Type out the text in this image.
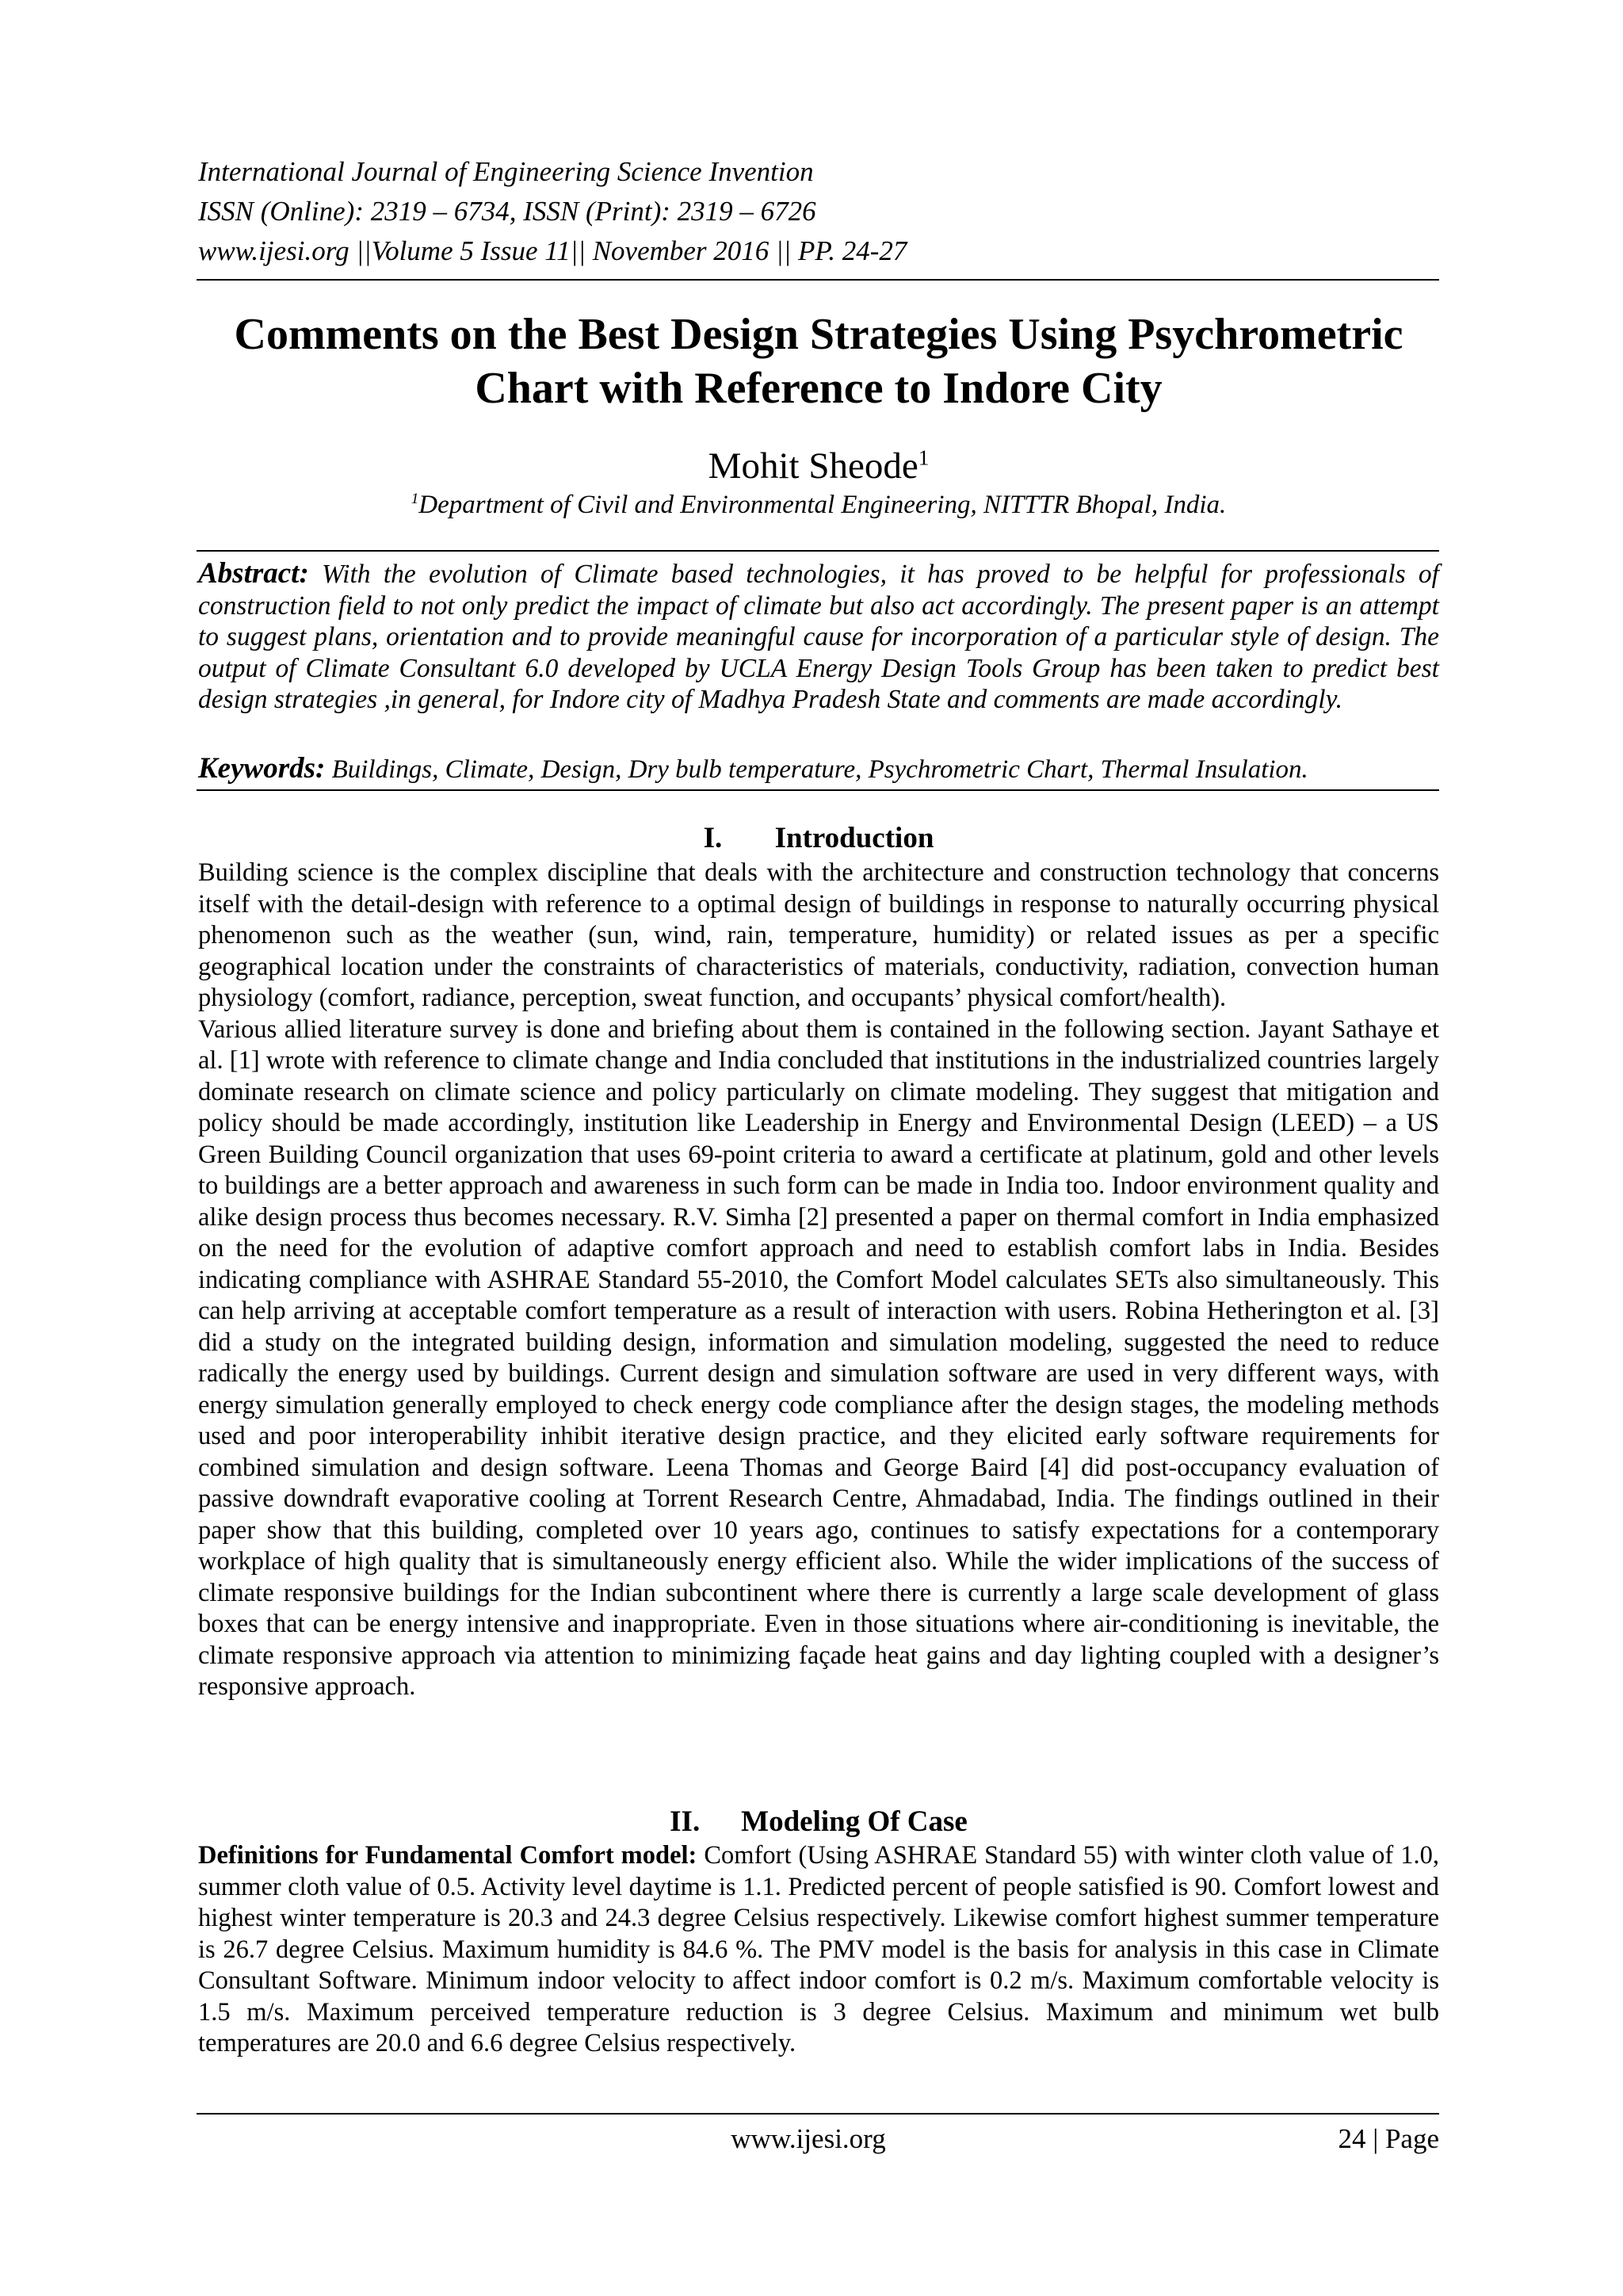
International Journal of Engineering Science Invention
ISSN (Online): 2319 – 6734, ISSN (Print): 2319 – 6726
www.ijesi.org ||Volume 5 Issue 11|| November 2016 || PP. 24-27
Comments on the Best Design Strategies Using Psychrometric Chart with Reference to Indore City
Mohit Sheode$^1$
$^1$Department of Civil and Environmental Engineering, NITTTR Bhopal, India.
Abstract: With the evolution of Climate based technologies, it has proved to be helpful for professionals of construction field to not only predict the impact of climate but also act accordingly. The present paper is an attempt to suggest plans, orientation and to provide meaningful cause for incorporation of a particular style of design. The output of Climate Consultant 6.0 developed by UCLA Energy Design Tools Group has been taken to predict best design strategies ,in general, for Indore city of Madhya Pradesh State and comments are made accordingly.
Keywords: Buildings, Climate, Design, Dry bulb temperature, Psychrometric Chart, Thermal Insulation.
I. Introduction

Building science is the complex discipline that deals with the architecture and construction technology that concerns itself with the detail-design with reference to a optimal design of buildings in response to naturally occurring physical phenomenon such as the weather (sun, wind, rain, temperature, humidity) or related issues as per a specific geographical location under the constraints of characteristics of materials, conductivity, radiation, convection human physiology (comfort, radiance, perception, sweat function, and occupants’ physical comfort/health).

Various allied literature survey is done and briefing about them is contained in the following section. Jayant Sathaye et al. [1] wrote with reference to climate change and India concluded that institutions in the industrialized countries largely dominate research on climate science and policy particularly on climate modeling. They suggest that mitigation and policy should be made accordingly, institution like Leadership in Energy and Environmental Design (LEED) – a US Green Building Council organization that uses 69-point criteria to award a certificate at platinum, gold and other levels to buildings are a better approach and awareness in such form can be made in India too. Indoor environment quality and alike design process thus becomes necessary. R.V. Simha [2] presented a paper on thermal comfort in India emphasized on the need for the evolution of adaptive comfort approach and need to establish comfort labs in India. Besides indicating compliance with ASHRAE Standard 55-2010, the Comfort Model calculates SETs also simultaneously. This can help arriving at acceptable comfort temperature as a result of interaction with users. Robina Hetherington et al. [3] did a study on the integrated building design, information and simulation modeling, suggested the need to reduce radically the energy used by buildings. Current design and simulation software are used in very different ways, with energy simulation generally employed to check energy code compliance after the design stages, the modeling methods used and poor interoperability inhibit iterative design practice, and they elicited early software requirements for combined simulation and design software. Leena Thomas and George Baird [4] did post-occupancy evaluation of passive downdraft evaporative cooling at Torrent Research Centre, Ahmadabad, India. The findings outlined in their paper show that this building, completed over 10 years ago, continues to satisfy expectations for a contemporary workplace of high quality that is simultaneously energy efficient also. While the wider implications of the success of climate responsive buildings for the Indian subcontinent where there is currently a large scale development of glass boxes that can be energy intensive and inappropriate. Even in those situations where air-conditioning is inevitable, the climate responsive approach via attention to minimizing façade heat gains and day lighting coupled with a designer’s responsive approach.

II. Modeling Of Case

Definitions for Fundamental Comfort model: Comfort (Using ASHRAE Standard 55) with winter cloth value of 1.0, summer cloth value of 0.5. Activity level daytime is 1.1. Predicted percent of people satisfied is 90. Comfort lowest and highest winter temperature is 20.3 and 24.3 degree Celsius respectively. Likewise comfort highest summer temperature is 26.7 degree Celsius. Maximum humidity is 84.6 %. The PMV model is the basis for analysis in this case in Climate Consultant Software. Minimum indoor velocity to affect indoor comfort is 0.2 m/s. Maximum comfortable velocity is 1.5 m/s. Maximum perceived temperature reduction is 3 degree Celsius. Maximum and minimum wet bulb temperatures are 20.0 and 6.6 degree Celsius respectively.

www.ijesi.org	24 | Page
